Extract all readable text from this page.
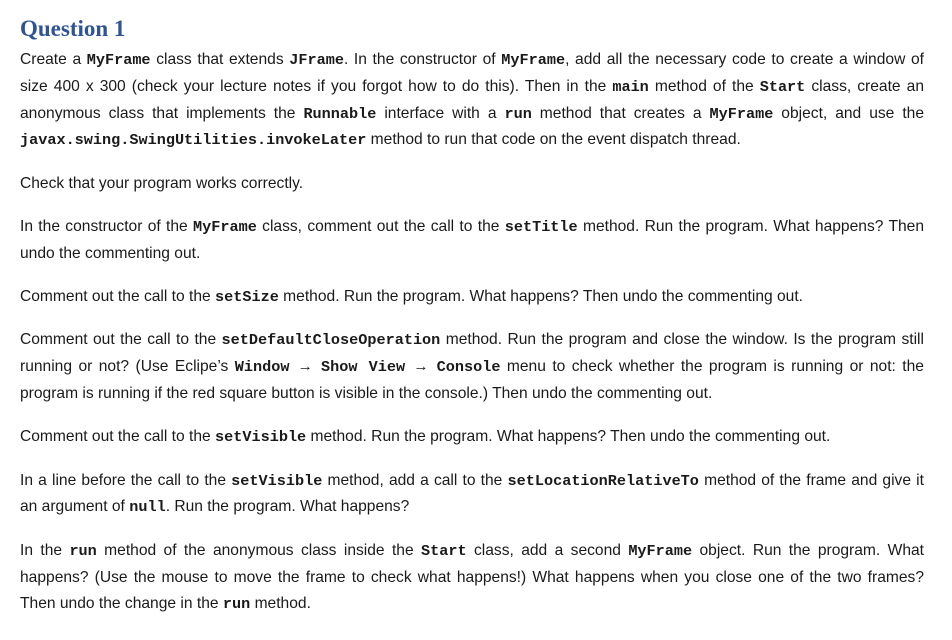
Question 1

Create a MyFrame class that extends JFrame. In the constructor of MyFrame, add all the necessary code to create a window of size 400 x 300 (check your lecture notes if you forgot how to do this). Then in the main method of the Start class, create an anonymous class that implements the Runnable interface with a run method that creates a MyFrame object, and use the javax.swing.SwingUtilities.invokeLater method to run that code on the event dispatch thread.

Check that your program works correctly.

In the constructor of the MyFrame class, comment out the call to the setTitle method. Run the program. What happens? Then undo the commenting out.

Comment out the call to the setSize method. Run the program. What happens? Then undo the commenting out.

Comment out the call to the setDefaultCloseOperation method. Run the program and close the window. Is the program still running or not? (Use Eclipe’s Window → Show View → Console menu to check whether the program is running or not: the program is running if the red square button is visible in the console.) Then undo the commenting out.

Comment out the call to the setVisible method. Run the program. What happens? Then undo the commenting out.

In a line before the call to the setVisible method, add a call to the setLocationRelativeTo method of the frame and give it an argument of null. Run the program. What happens?

In the run method of the anonymous class inside the Start class, add a second MyFrame object. Run the program. What happens? (Use the mouse to move the frame to check what happens!) What happens when you close one of the two frames? Then undo the change in the run method.
